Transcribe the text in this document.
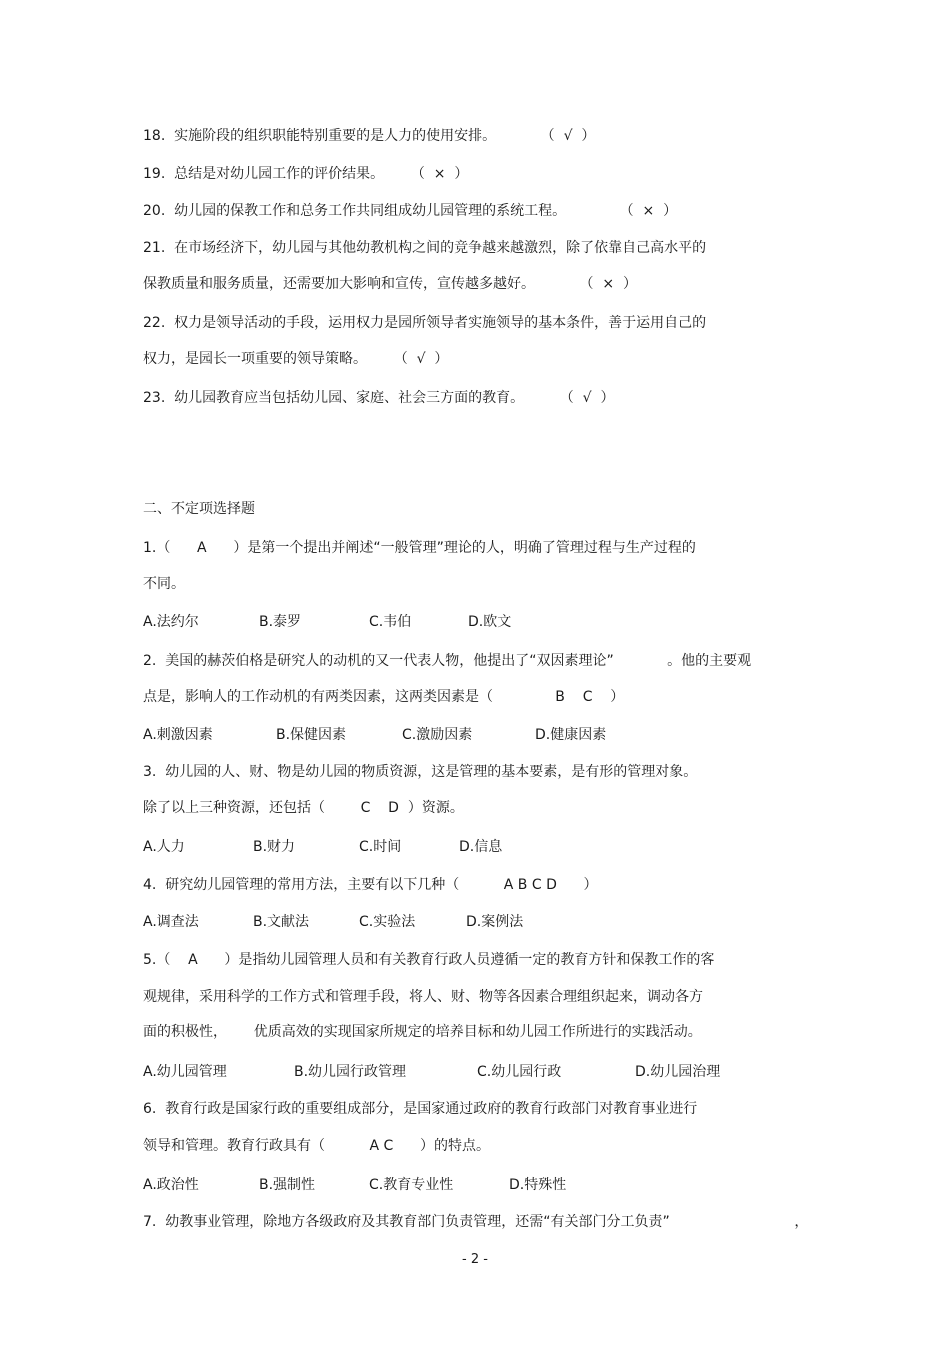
18.  实施阶段的组织职能特别重要的是人力的使用安排。          （  √  ）
19.  总结是对幼儿园工作的评价结果。      （  ×  ）
20.  幼儿园的保教工作和总务工作共同组成幼儿园管理的系统工程。            （  ×  ）
21.  在市场经济下，幼儿园与其他幼教机构之间的竞争越来越激烈，除了依靠自己高水平的
保教质量和服务质量，还需要加大影响和宣传，宣传越多越好。          （  ×  ）
22.  权力是领导活动的手段，运用权力是园所领导者实施领导的基本条件，善于运用自己的
权力，是园长一项重要的领导策略。      （  √  ）
23.  幼儿园教育应当包括幼儿园、家庭、社会三方面的教育。        （  √  ）
二、不定项选择题
1.（      A      ）是第一个提出并阐述“一般管理”理论的人，明确了管理过程与生产过程的
不同。
A.法约尔	B.泰罗	C.韦伯	D.欧文
2.  美国的赫茨伯格是研究人的动机的又一代表人物，他提出了“双因素理论”            。他的主要观
点是，影响人的工作动机的有两类因素，这两类因素是（              B    C    ）
A.刺激因素	B.保健因素	C.激励因素	D.健康因素
3.  幼儿园的人、财、物是幼儿园的物质资源，这是管理的基本要素，是有形的管理对象。
除了以上三种资源，还包括（        C    D  ）资源。
A.人力	B.财力	C.时间	D.信息
4.  研究幼儿园管理的常用方法，主要有以下几种（          A B C D      ）
A.调查法	B.文献法	C.实验法	D.案例法
5.（    A      ）是指幼儿园管理人员和有关教育行政人员遵循一定的教育方针和保教工作的客
观规律，采用科学的工作方式和管理手段，将人、财、物等各因素合理组织起来，调动各方
面的积极性，      优质高效的实现国家所规定的培养目标和幼儿园工作所进行的实践活动。
A.幼儿园管理	B.幼儿园行政管理	C.幼儿园行政	D.幼儿园治理
6.  教育行政是国家行政的重要组成部分，是国家通过政府的教育行政部门对教育事业进行
领导和管理。教育行政具有（          A C      ）的特点。
A.政治性	B.强制性	C.教育专业性	D.特殊性
7.  幼教事业管理，除地方各级政府及其教育部门负责管理，还需“有关部门分工负责”                            ，
- 2 -
